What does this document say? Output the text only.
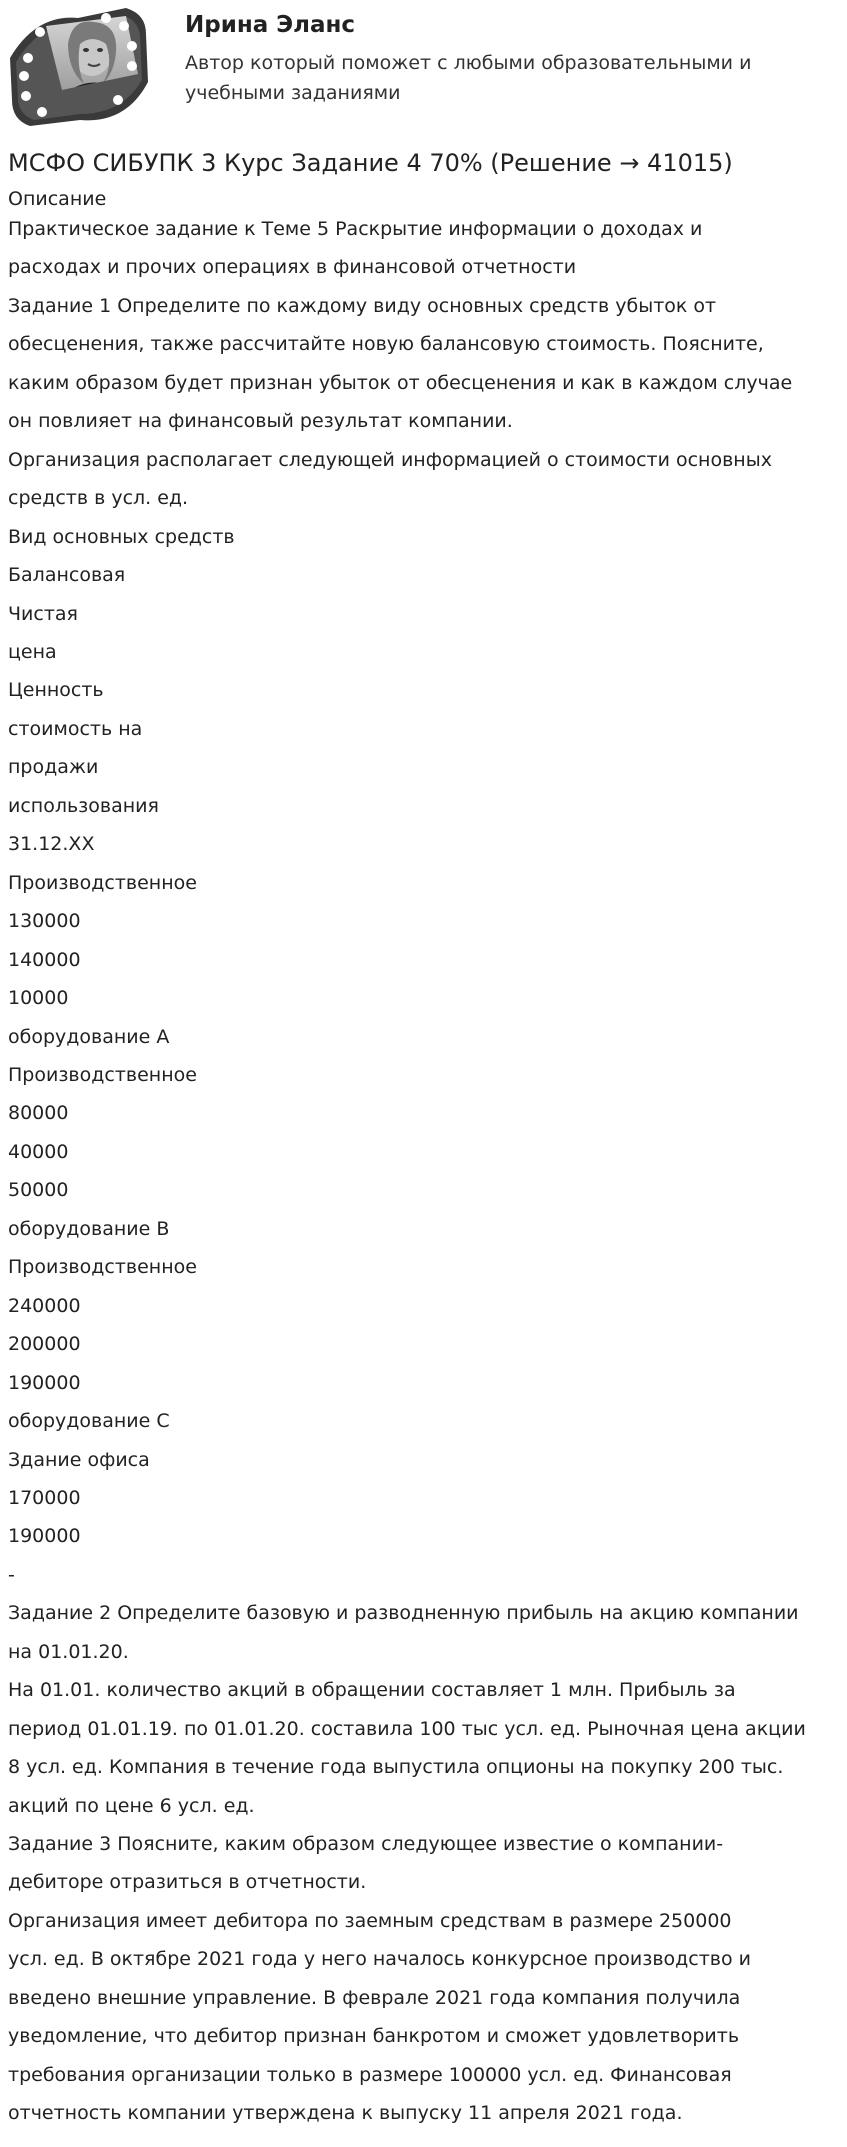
Ирина Эланс
Автор который поможет с любыми образовательными и
учебными заданиями
МСФО СИБУПК 3 Курс Задание 4 70% (Решение → 41015)
Описание
Практическое задание к Теме 5 Раскрытие информации о доходах и
расходах и прочих операциях в финансовой отчетности
Задание 1 Определите по каждому виду основных средств убыток от
обесценения, также рассчитайте новую балансовую стоимость. Поясните,
каким образом будет признан убыток от обесценения и как в каждом случае
он повлияет на финансовый результат компании.
Организация располагает следующей информацией о стоимости основных
средств в усл. ед.
Вид основных средств
Балансовая
Чистая
цена
Ценность
стоимость на
продажи
использования
31.12.XX
Производственное
130000
140000
10000
оборудование А
Производственное
80000
40000
50000
оборудование В
Производственное
240000
200000
190000
оборудование С
Здание офиса
170000
190000
-
Задание 2 Определите базовую и разводненную прибыль на акцию компании
на 01.01.20.
На 01.01. количество акций в обращении составляет 1 млн. Прибыль за
период 01.01.19. по 01.01.20. составила 100 тыс усл. ед. Рыночная цена акции
8 усл. ед. Компания в течение года выпустила опционы на покупку 200 тыс.
акций по цене 6 усл. ед.
Задание 3 Поясните, каким образом следующее известие о компании-
дебиторе отразиться в отчетности.
Организация имеет дебитора по заемным средствам в размере 250000
усл. ед. В октябре 2021 года у него началось конкурсное производство и
введено внешние управление. В феврале 2021 года компания получила
уведомление, что дебитор признан банкротом и сможет удовлетворить
требования организации только в размере 100000 усл. ед. Финансовая
отчетность компании утверждена к выпуску 11 апреля 2021 года.
